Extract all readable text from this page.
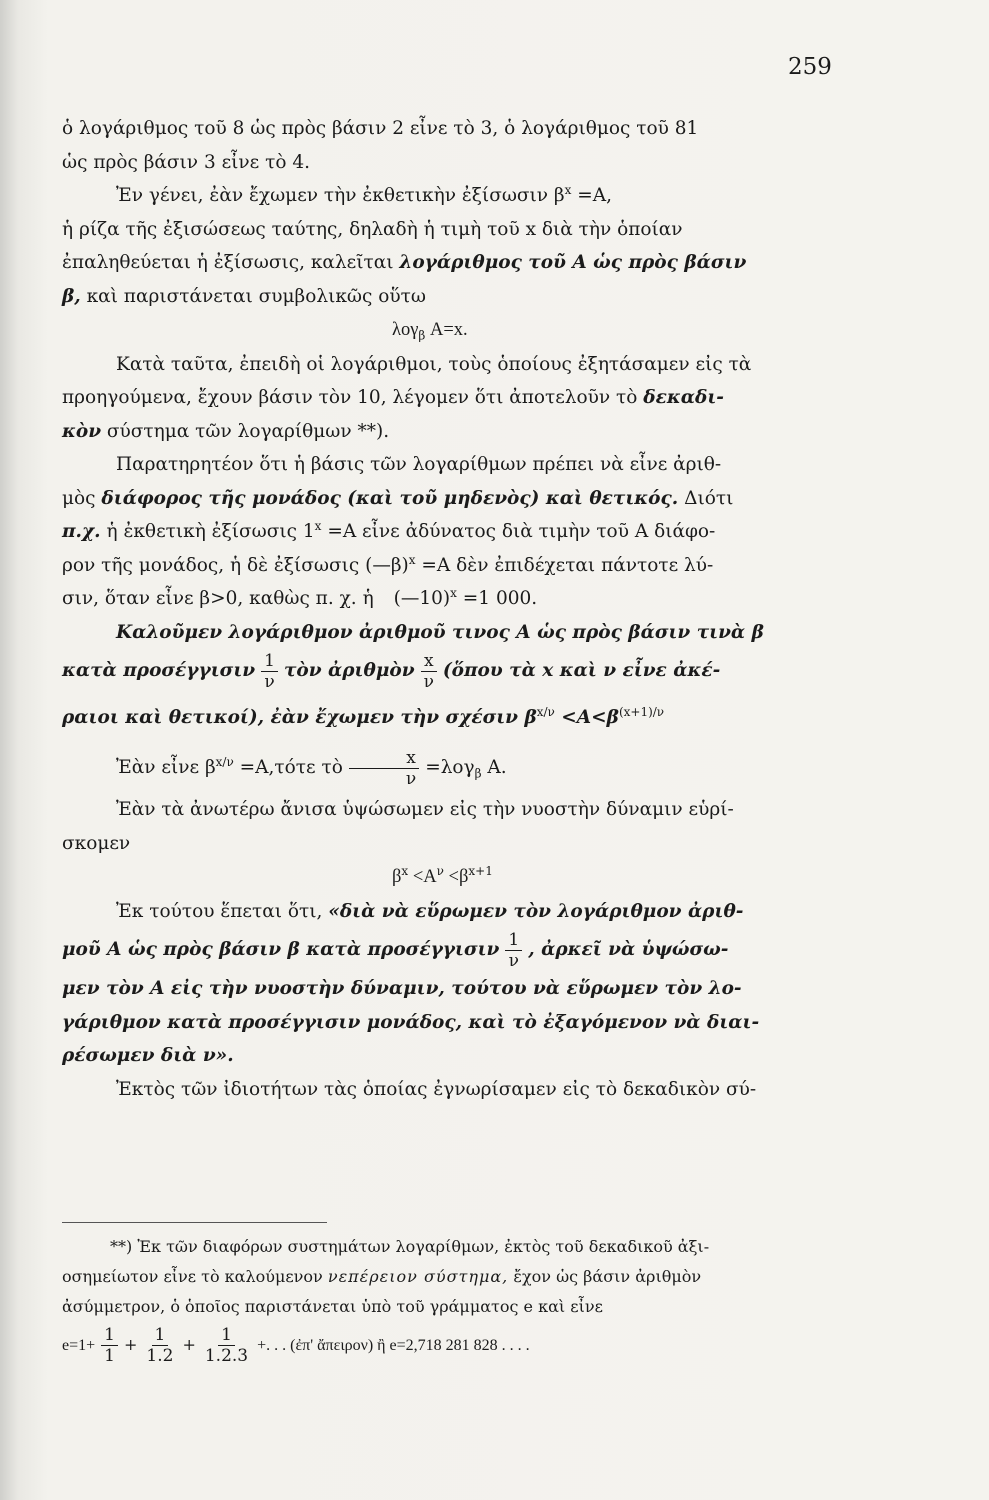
259

ὁ λογάριθμος τοῦ 8 ὡς πρὸς βάσιν 2 εἶνε τὸ 3, ὁ λογάριθμος τοῦ 81

ὡς πρὸς βάσιν 3 εἶνε τὸ 4.

Ἐν γένει, ἐὰν ἔχωμεν τὴν ἐκθετικὴν ἐξίσωσιν $\beta^x =A$,

ἡ ρίζα τῆς ἐξισώσεως ταύτης, δηλαδὴ ἡ τιμὴ τοῦ x διὰ τὴν ὁποίαν

ἐπαληθεύεται ἡ ἐξίσωσις, καλεῖται λογάριθμος τοῦ Α ὡς πρὸς βάσιν

β, καὶ παριστάνεται συμβολικῶς οὕτω

λογ$_\beta$ A=x.

Κατὰ ταῦτα, ἐπειδὴ οἱ λογάριθμοι, τοὺς ὁποίους ἐξητάσαμεν εἰς τὰ

προηγούμενα, ἔχουν βάσιν τὸν 10, λέγομεν ὅτι ἀποτελοῦν τὸ δεκαδι-

κὸν σύστημα τῶν λογαρίθμων **).

Παρατηρητέον ὅτι ἡ βάσις τῶν λογαρίθμων πρέπει νὰ εἶνε ἀριθ-

μὸς διάφορος τῆς μονάδος (καὶ τοῦ μηδενὸς) καὶ θετικός. Διότι

π.χ. ἡ ἐκθετικὴ ἐξίσωσις $1^x =A$ εἶνε ἀδύνατος διὰ τιμὴν τοῦ A διάφο-

ρον τῆς μονάδος, ἡ δὲ ἐξίσωσις (—β)$^x$ =A δὲν ἐπιδέχεται πάντοτε λύ-

σιν, ὅταν εἶνε β>0, καθὼς π. χ. ἡ (—10)$^x$ =1 000.

Καλοῦμεν λογάριθμον ἀριθμοῦ τινος Α ὡς πρὸς βάσιν τινὰ β

κατὰ προσέγγισιν $\frac{1}{\nu}$ τὸν ἀριθμὸν $\frac{x}{\nu}$ (ὅπου τὰ x καὶ ν εἶνε ἀκέ-

ραιοι καὶ θετικοί), ἐὰν ἔχωμεν τὴν σχέσιν $\beta^{x/\nu} <A<\beta^{(x+1)/\nu}$

Ἐὰν εἶνε $\beta^{x/\nu} =A,\tau ό\tau\varepsilon$ τὸ $\frac{x}{\nu} =\lambda o\gamma_\beta$ A.

Ἐὰν τὰ ἀνωτέρω ἄνισα ὑψώσωμεν εἰς τὴν νυοστὴν δύναμιν εὑρί-

σκομεν

$\beta^x <A^\nu <\beta^{x+1}$

Ἐκ τούτου ἕπεται ὅτι, «διὰ νὰ εὕρωμεν τὸν λογάριθμον ἀριθ-

μοῦ Α ὡς πρὸς βάσιν β κατὰ προσέγγισιν $\frac{1}{\nu}$ , ἀρκεῖ νὰ ὑψώσω-

μεν τὸν Α εἰς τὴν νυοστὴν δύναμιν, τούτου νὰ εὕρωμεν τὸν λο-

γάριθμον κατὰ προσέγγισιν μονάδος, καὶ τὸ ἐξαγόμενον νὰ διαι-

ρέσωμεν διὰ ν».

Ἐκτὸς τῶν ἰδιοτήτων τὰς ὁποίας ἐγνωρίσαμεν εἰς τὸ δεκαδικὸν σύ-

**) Ἐκ τῶν διαφόρων συστημάτων λογαρίθμων, ἐκτὸς τοῦ δεκαδικοῦ ἀξι-

οσημείωτον εἶνε τὸ καλούμενον νεπέρειον σύστημα, ἔχον ὡς βάσιν ἀριθμὸν

ἀσύμμετρον, ὁ ὁποῖος παριστάνεται ὑπὸ τοῦ γράμματος e καὶ εἶνε

$e=1+ \frac{1}{1} + \frac{1}{1.2} + \frac{1}{1.2.3}$ +. . . (ἐπ' ἄπειρον) ἢ e=2,718 281 828 . . . .
